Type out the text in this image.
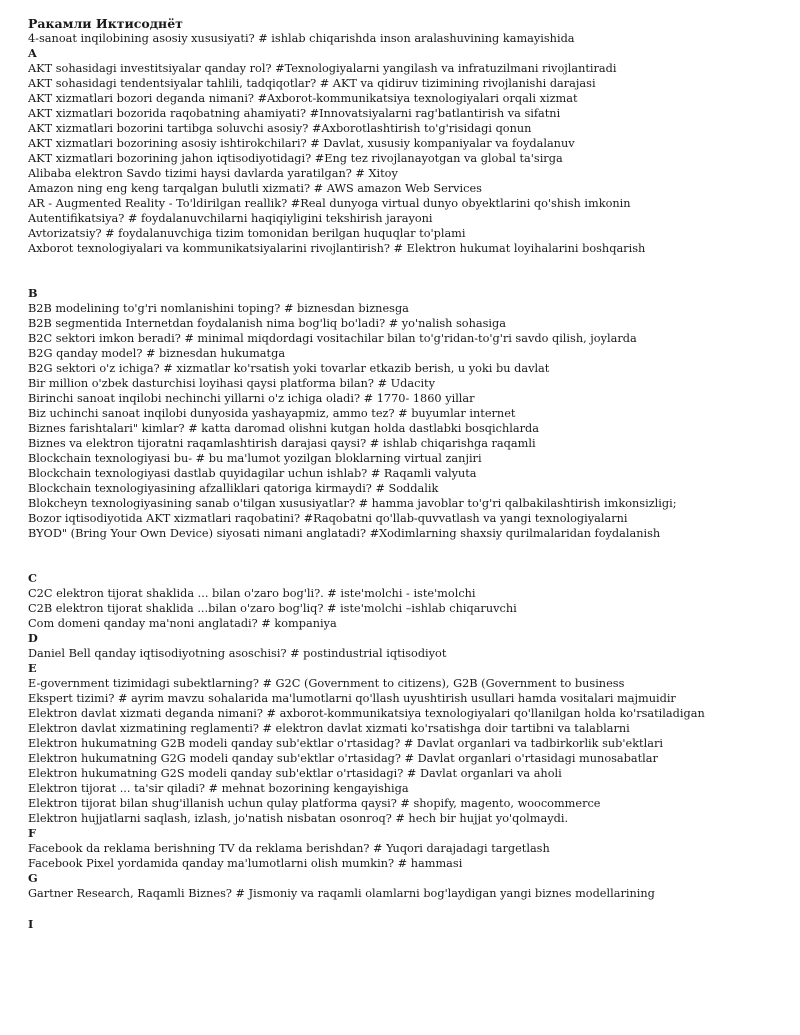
Ракамли Иктисоднёт
4-sanoat inqilobining asosiy xususiyati? # ishlab chiqarishda inson aralashuvining kamayishida
A
AKT sohasidagi investitsiyalar qanday rol? #Texnologiyalarni yangilash va infratuzilmani rivojlantiradi
AKT sohasidagi tendentsiyalar tahlili, tadqiqotlar? # AKT va qidiruv tizimining rivojlanishi darajasi
AKT xizmatlari bozori deganda nimani? #Axborot-kommunikatsiya texnologiyalari orqali xizmat
AKT xizmatlari bozorida raqobatning ahamiyati? #Innovatsiyalarni rag'batlantirish va sifatni
AKT xizmatlari bozorini tartibga soluvchi asosiy? #Axborotlashtirish to'g'risidagi qonun
AKT xizmatlari bozorining asosiy ishtirokchilari? # Davlat, xususiy kompaniyalar va foydalanuv
AKT xizmatlari bozorining jahon iqtisodiyotidagi? #Eng tez rivojlanayotgan va global ta'sirga
Alibaba elektron Savdo tizimi haysi davlarda yaratilgan? # Xitoy
Amazon ning eng keng tarqalgan bulutli xizmati? # AWS amazon Web Services
AR - Augmented Reality - To'ldirilgan reallik? #Real dunyoga virtual dunyo obyektlarini qo'shish imkonin
Autentifikatsiya? # foydalanuvchilarni haqiqiyligini tekshirish jarayoni
Avtorizatsiy? # foydalanuvchiga tizim tomonidan berilgan huquqlar to'plami
Axborot texnologiyalari va kommunikatsiyalarini rivojlantirish? # Elektron hukumat loyihalarini boshqarish
B
B2B modelining to'g'ri nomlanishini toping? # biznesdan biznesga
B2B segmentida Internetdan foydalanish nima bog'liq bo'ladi? # yo'nalish sohasiga
B2C sektori imkon beradi? # minimal miqdordagi vositachilar bilan to'g'ridan-to'g'ri savdo qilish, joylarda
B2G qanday model? # biznesdan hukumatga
B2G sektori o'z ichiga? # xizmatlar ko'rsatish yoki tovarlar etkazib berish, u yoki bu davlat
Bir million o'zbek dasturchisi loyihasi qaysi platforma bilan? # Udacity
Birinchi sanoat inqilobi nechinchi yillarni o'z ichiga oladi? # 1770- 1860 yillar
Biz uchinchi sanoat inqilobi dunyosida yashayapmiz, ammo tez? # buyumlar internet
Biznes farishtalari" kimlar? # katta daromad olishni kutgan holda dastlabki bosqichlarda
Biznes va elektron tijoratni raqamlashtirish darajasi qaysi? # ishlab chiqarishga raqamli
Blockchain texnologiyasi bu- # bu ma'lumot yozilgan bloklarning virtual zanjiri
Blockchain texnologiyasi dastlab quyidagilar uchun ishlab? # Raqamli valyuta
Blockchain texnologiyasining afzalliklari qatoriga kirmaydi? # Soddalik
Blokcheyn texnologiyasining sanab o'tilgan xususiyatlar? # hamma javoblar to'g'ri qalbakilashtirish imkonsizligi;
Bozor iqtisodiyotida AKT xizmatlari raqobatini? #Raqobatni qo'llab-quvvatlash va yangi texnologiyalarni
BYOD" (Bring Your Own Device) siyosati nimani anglatadi? #Xodimlarning shaxsiy qurilmalaridan foydalanish
C
C2C elektron tijorat shaklida ... bilan o'zaro bog'li?. # iste'molchi - iste'molchi
C2B elektron tijorat shaklida ...bilan o'zaro bog'liq? # iste'molchi –ishlab chiqaruvchi
Com domeni qanday ma'noni anglatadi? # kompaniya
D
Daniel Bell qanday iqtisodiyotning asoschisi? # postindustrial iqtisodiyot
E
E-government tizimidagi subektlarning? # G2C (Government to citizens), G2B (Government to business
Ekspert tizimi? # ayrim mavzu sohalarida ma'lumotlarni qo'llash uyushtirish usullari hamda vositalari majmuidir
Elektron davlat xizmati deganda nimani? # axborot-kommunikatsiya texnologiyalari qo'llanilgan holda ko'rsatiladigan
Elektron davlat xizmatining reglamenti? # elektron davlat xizmati ko'rsatishga doir tartibni va talablarni
Elektron hukumatning G2B modeli qanday sub'ektlar o'rtasidag? # Davlat organlari va tadbirkorlik sub'ektlari
Elektron hukumatning G2G modeli qanday sub'ektlar o'rtasidag? # Davlat organlari o'rtasidagi munosabatlar
Elektron hukumatning G2S modeli qanday sub'ektlar o'rtasidagi? # Davlat organlari va aholi
Elektron tijorat ... ta'sir qiladi? # mehnat bozorining kengayishiga
Elektron tijorat bilan shug'illanish uchun qulay platforma qaysi? # shopify, magento, woocommerce
Elektron hujjatlarni saqlash, izlash, jo'natish nisbatan osonroq? # hech bir hujjat yo'qolmaydi.
F
Facebook da reklama berishning TV da reklama berishdan? # Yuqori darajadagi targetlash
Facebook Pixel yordamida qanday ma'lumotlarni olish mumkin? # hammasi
G
Gartner Research, Raqamli Biznes? # Jismoniy va raqamli olamlarni bog'laydigan yangi biznes modellarining
I
